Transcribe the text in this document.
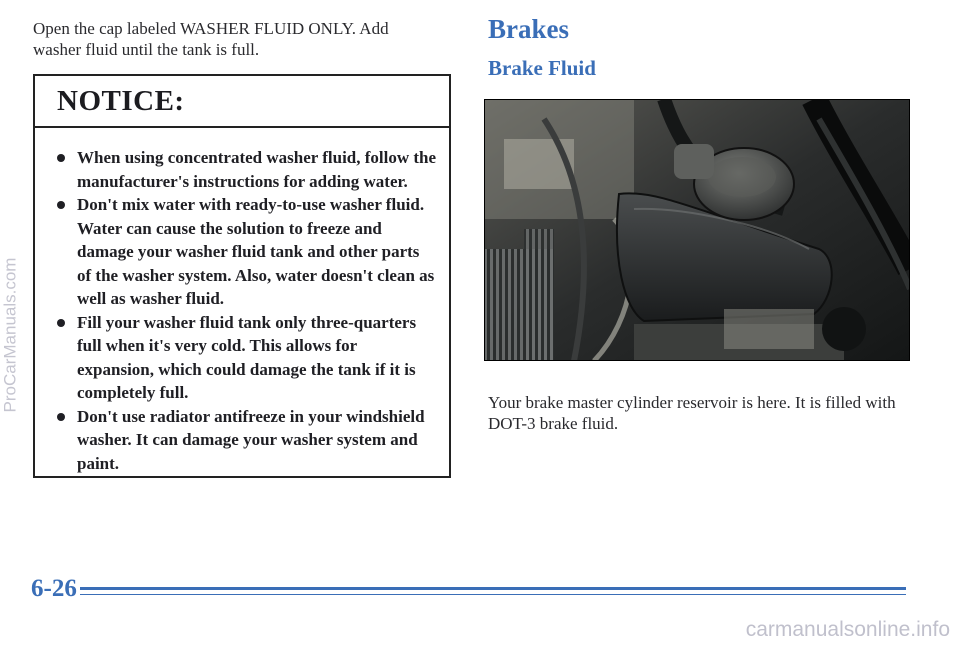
Open the cap labeled WASHER FLUID ONLY. Add washer fluid until the tank is full.
NOTICE:
When using concentrated washer fluid, follow the manufacturer's instructions for adding water.
Don't mix water with ready-to-use washer fluid. Water can cause the solution to freeze and damage your washer fluid tank and other parts of the washer system. Also, water doesn't clean as well as washer fluid.
Fill your washer fluid tank only three-quarters full when it's very cold. This allows for expansion, which could damage the tank if it is completely full.
Don't use radiator antifreeze in your windshield washer. It can damage your washer system and paint.
Brakes
Brake Fluid
Your brake master cylinder reservoir is here. It is filled with DOT-3 brake fluid.
6-26
ProCarManuals.com
carmanualsonline.info
